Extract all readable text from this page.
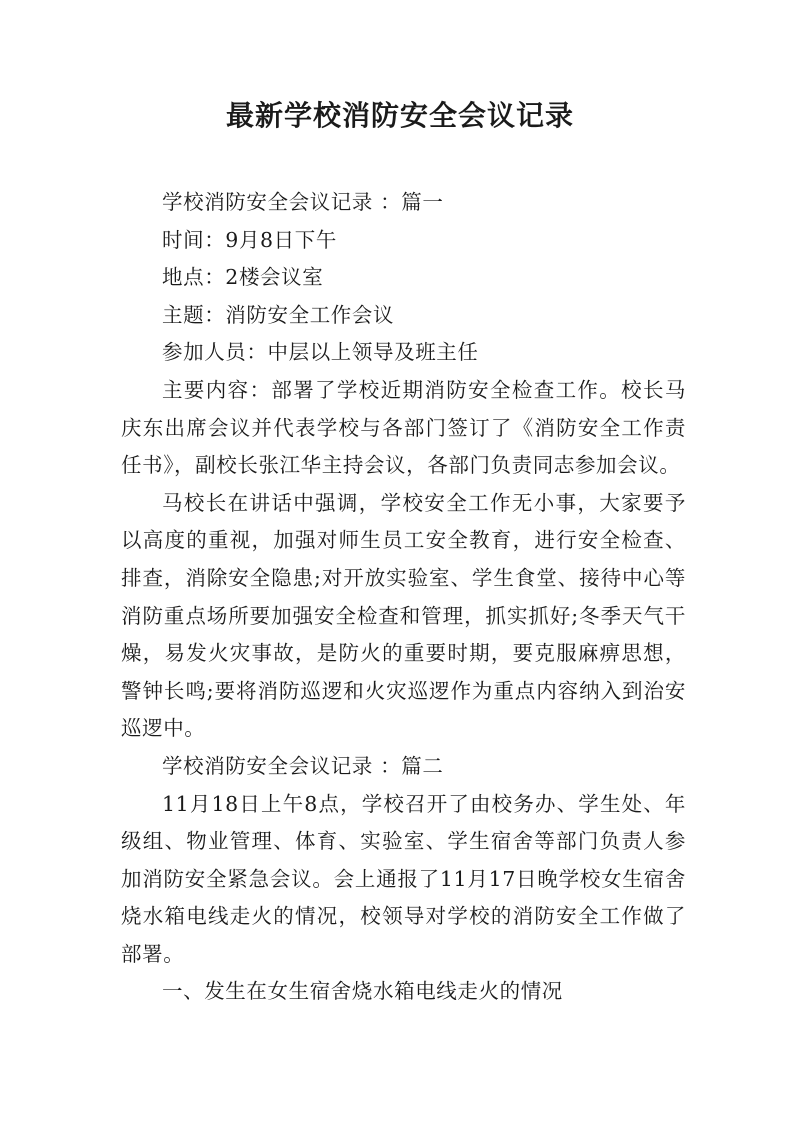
最新学校消防安全会议记录

学校消防安全会议记录 ：篇一

时间：9月8日下午

地点：2楼会议室

主题：消防安全工作会议

参加人员：中层以上领导及班主任

主要内容：部署了学校近期消防安全检查工作。校长马庆东出席会议并代表学校与各部门签订了《消防安全工作责任书》，副校长张江华主持会议，各部门负责同志参加会议。

马校长在讲话中强调，学校安全工作无小事，大家要予以高度的重视，加强对师生员工安全教育，进行安全检查、排查，消除安全隐患;对开放实验室、学生食堂、接待中心等消防重点场所要加强安全检查和管理，抓实抓好;冬季天气干燥，易发火灾事故，是防火的重要时期，要克服麻痹思想，警钟长鸣;要将消防巡逻和火灾巡逻作为重点内容纳入到治安巡逻中。

学校消防安全会议记录 ：篇二

11月18日上午8点，学校召开了由校务办、学生处、年级组、物业管理、体育、实验室、学生宿舍等部门负责人参加消防安全紧急会议。会上通报了11月17日晚学校女生宿舍烧水箱电线走火的情况，校领导对学校的消防安全工作做了部署。

一、发生在女生宿舍烧水箱电线走火的情况
